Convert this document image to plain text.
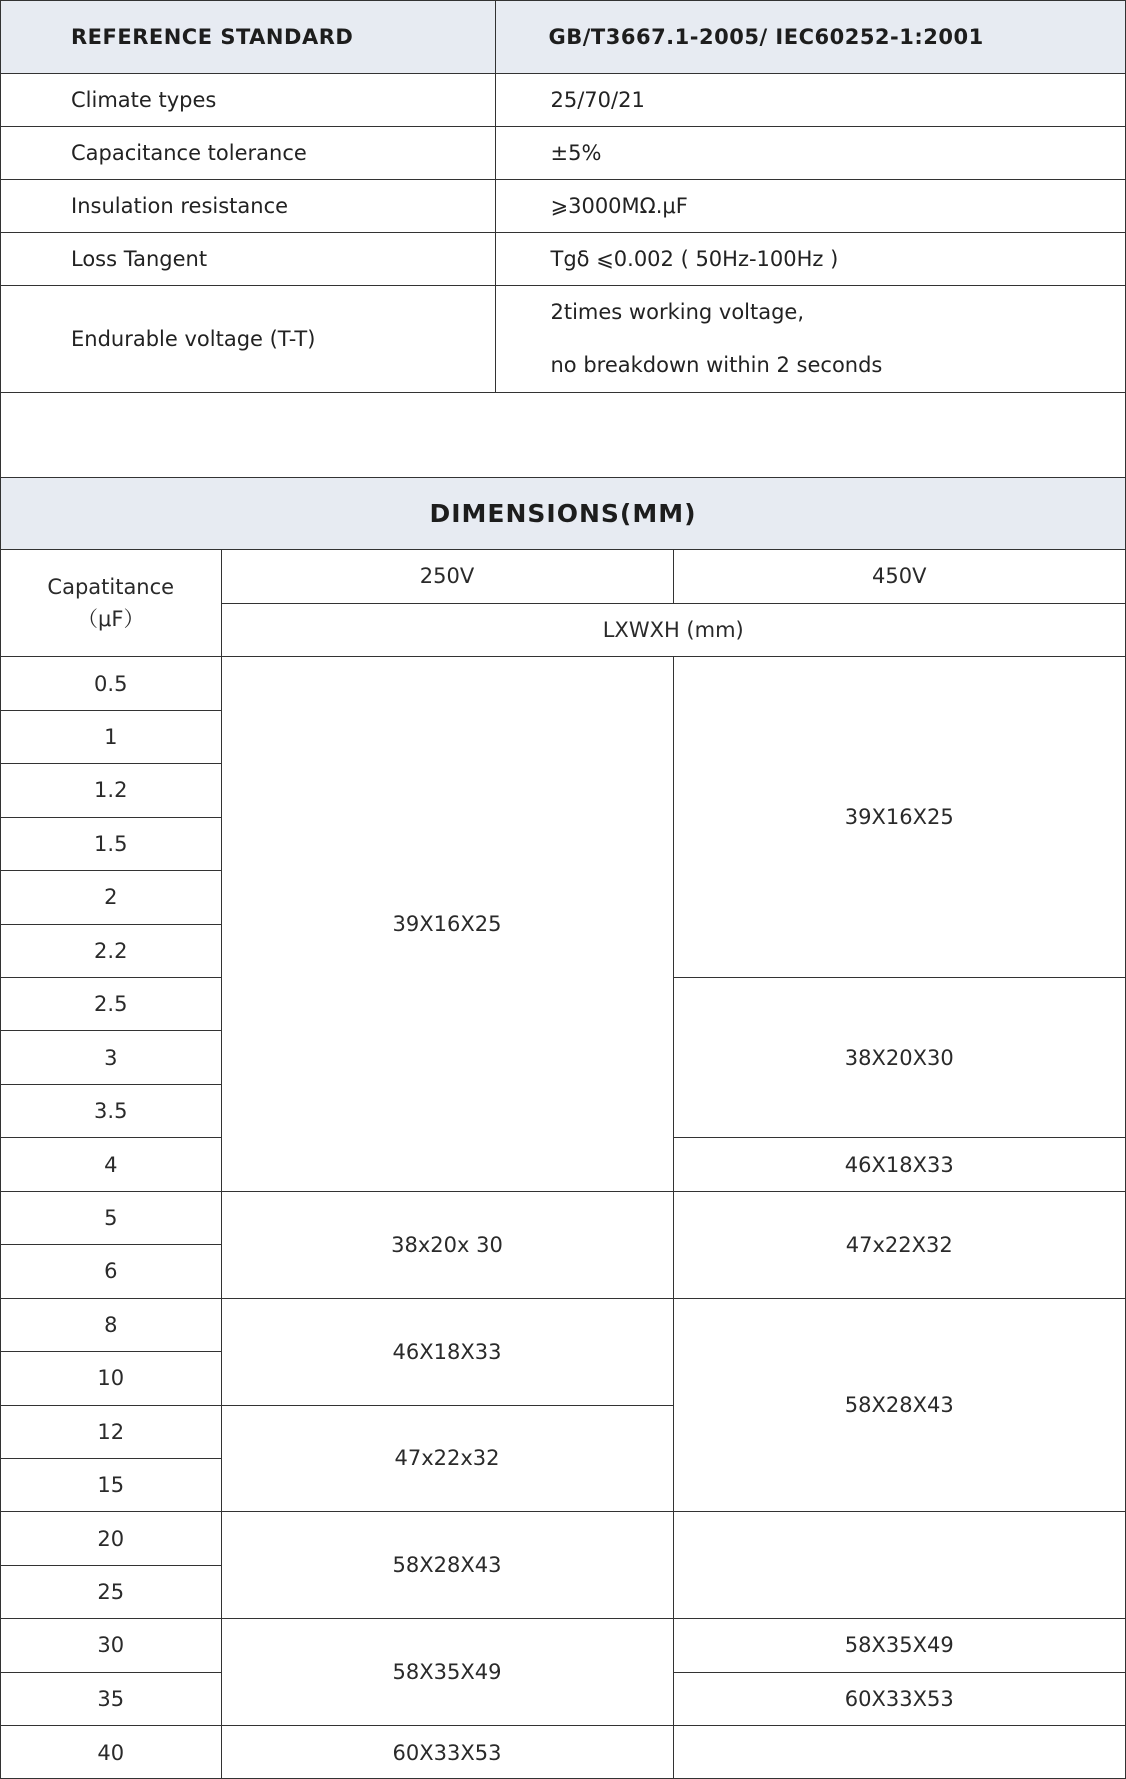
REFERENCE STANDARD	GB/T3667.1-2005/ IEC60252-1:2001
Climate types	25/70/21
Capacitance tolerance	±5%
Insulation resistance	⩾3000MΩ.μF
Loss Tangent	Tgδ ⩽0.002 ( 50Hz-100Hz )
Endurable voltage (T-T)	2times working voltage,
no breakdown within 2 seconds
DIMENSIONS(MM)
Capatitance
（μF）	250V	450V
	LXWXH (mm)	
0.5	39X16X25	39X16X25
1		
1.2		
1.5		
2		
2.2		
2.5		38X20X30
3		
3.5		
4		46X18X33
5	38x20x 30	47x22X32
6		
8	46X18X33	58X28X43
10		
12	47x22x32	
15		
20	58X28X43	
25		
30	58X35X49	58X35X49
35		60X33X53
40	60X33X53	
